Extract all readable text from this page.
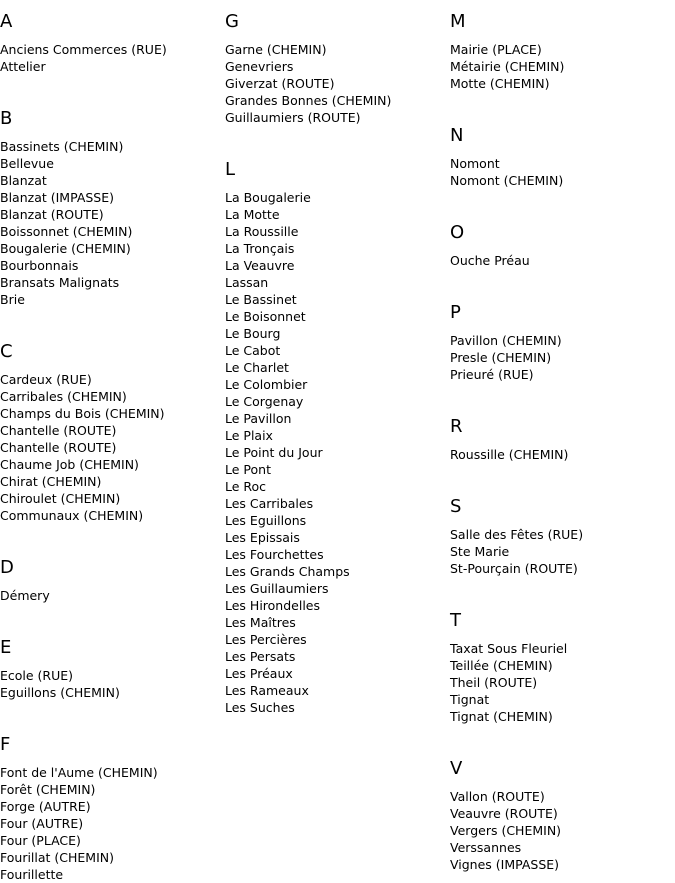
A
Anciens Commerces (RUE)
Attelier
B
Bassinets (CHEMIN)
Bellevue
Blanzat
Blanzat (IMPASSE)
Blanzat (ROUTE)
Boissonnet (CHEMIN)
Bougalerie (CHEMIN)
Bourbonnais
Bransats Malignats
Brie
C
Cardeux (RUE)
Carribales (CHEMIN)
Champs du Bois (CHEMIN)
Chantelle (ROUTE)
Chantelle (ROUTE)
Chaume Job (CHEMIN)
Chirat (CHEMIN)
Chiroulet (CHEMIN)
Communaux (CHEMIN)
D
Démery
E
Ecole (RUE)
Eguillons (CHEMIN)
F
Font de l'Aume (CHEMIN)
Forêt (CHEMIN)
Forge (AUTRE)
Four (AUTRE)
Four (PLACE)
Fourillat (CHEMIN)
Fourillette
G
Garne (CHEMIN)
Genevriers
Giverzat (ROUTE)
Grandes Bonnes (CHEMIN)
Guillaumiers (ROUTE)
L
La Bougalerie
La Motte
La Roussille
La Tronçais
La Veauvre
Lassan
Le Bassinet
Le Boisonnet
Le Bourg
Le Cabot
Le Charlet
Le Colombier
Le Corgenay
Le Pavillon
Le Plaix
Le Point du Jour
Le Pont
Le Roc
Les Carribales
Les Eguillons
Les Epissais
Les Fourchettes
Les Grands Champs
Les Guillaumiers
Les Hirondelles
Les Maîtres
Les Percières
Les Persats
Les Préaux
Les Rameaux
Les Suches
M
Mairie (PLACE)
Métairie (CHEMIN)
Motte (CHEMIN)
N
Nomont
Nomont (CHEMIN)
O
Ouche Préau
P
Pavillon (CHEMIN)
Presle (CHEMIN)
Prieuré (RUE)
R
Roussille (CHEMIN)
S
Salle des Fêtes (RUE)
Ste Marie
St-Pourçain (ROUTE)
T
Taxat Sous Fleuriel
Teillée (CHEMIN)
Theil (ROUTE)
Tignat
Tignat (CHEMIN)
V
Vallon (ROUTE)
Veauvre (ROUTE)
Vergers (CHEMIN)
Verssannes
Vignes (IMPASSE)
